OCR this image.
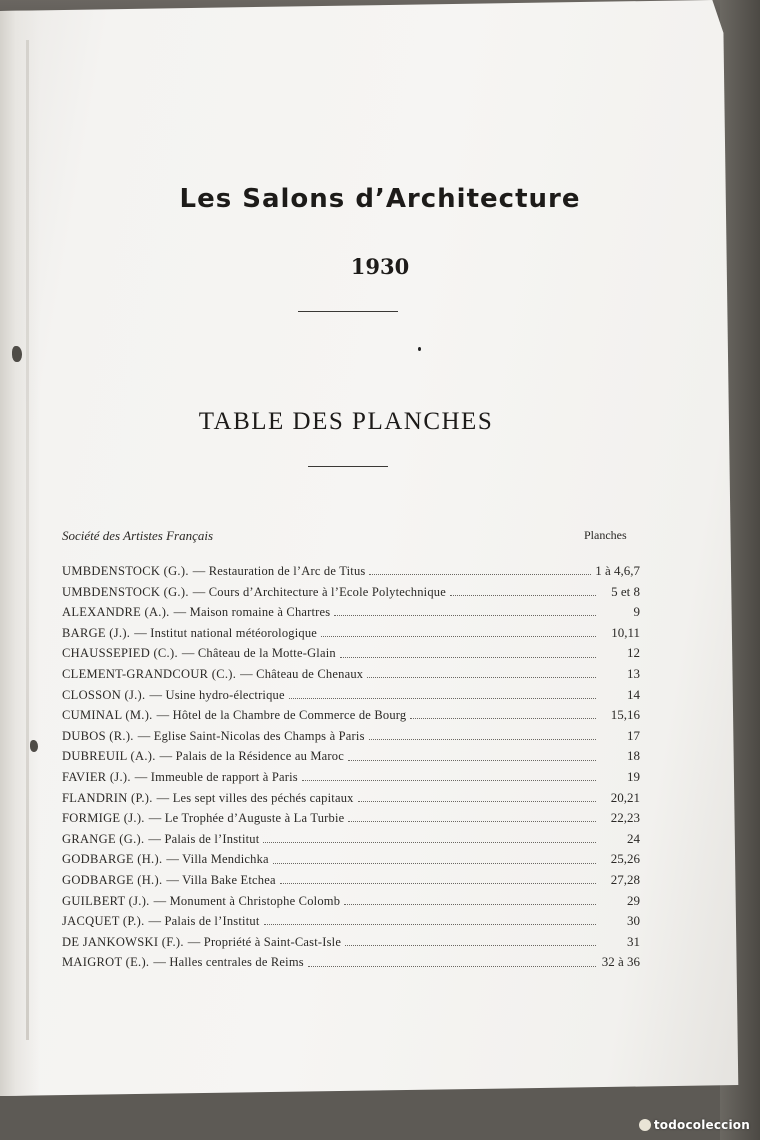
Les Salons d’Architecture
1930
TABLE DES PLANCHES
Société des Artistes Français	Planches
UMBDENSTOCK (G.). — Restauration de l’Arc de Titus	1 à 4,6,7
UMBDENSTOCK (G.). — Cours d’Architecture à l’Ecole Polytechnique	5 et 8
ALEXANDRE (A.). — Maison romaine à Chartres	9
BARGE (J.). — Institut national météorologique	10,11
CHAUSSEPIED (C.). — Château de la Motte-Glain	12
CLEMENT-GRANDCOUR (C.). — Château de Chenaux	13
CLOSSON (J.). — Usine hydro-électrique	14
CUMINAL (M.). — Hôtel de la Chambre de Commerce de Bourg	15,16
DUBOS (R.). — Eglise Saint-Nicolas des Champs à Paris	17
DUBREUIL (A.). — Palais de la Résidence au Maroc	18
FAVIER (J.). — Immeuble de rapport à Paris	19
FLANDRIN (P.). — Les sept villes des péchés capitaux	20,21
FORMIGE (J.). — Le Trophée d’Auguste à La Turbie	22,23
GRANGE (G.). — Palais de l’Institut	24
GODBARGE (H.). — Villa Mendichka	25,26
GODBARGE (H.). — Villa Bake Etchea	27,28
GUILBERT (J.). — Monument à Christophe Colomb	29
JACQUET (P.). — Palais de l’Institut	30
DE JANKOWSKI (F.). — Propriété à Saint-Cast-Isle	31
MAIGROT (E.). — Halles centrales de Reims	32 à 36
todocoleccion
